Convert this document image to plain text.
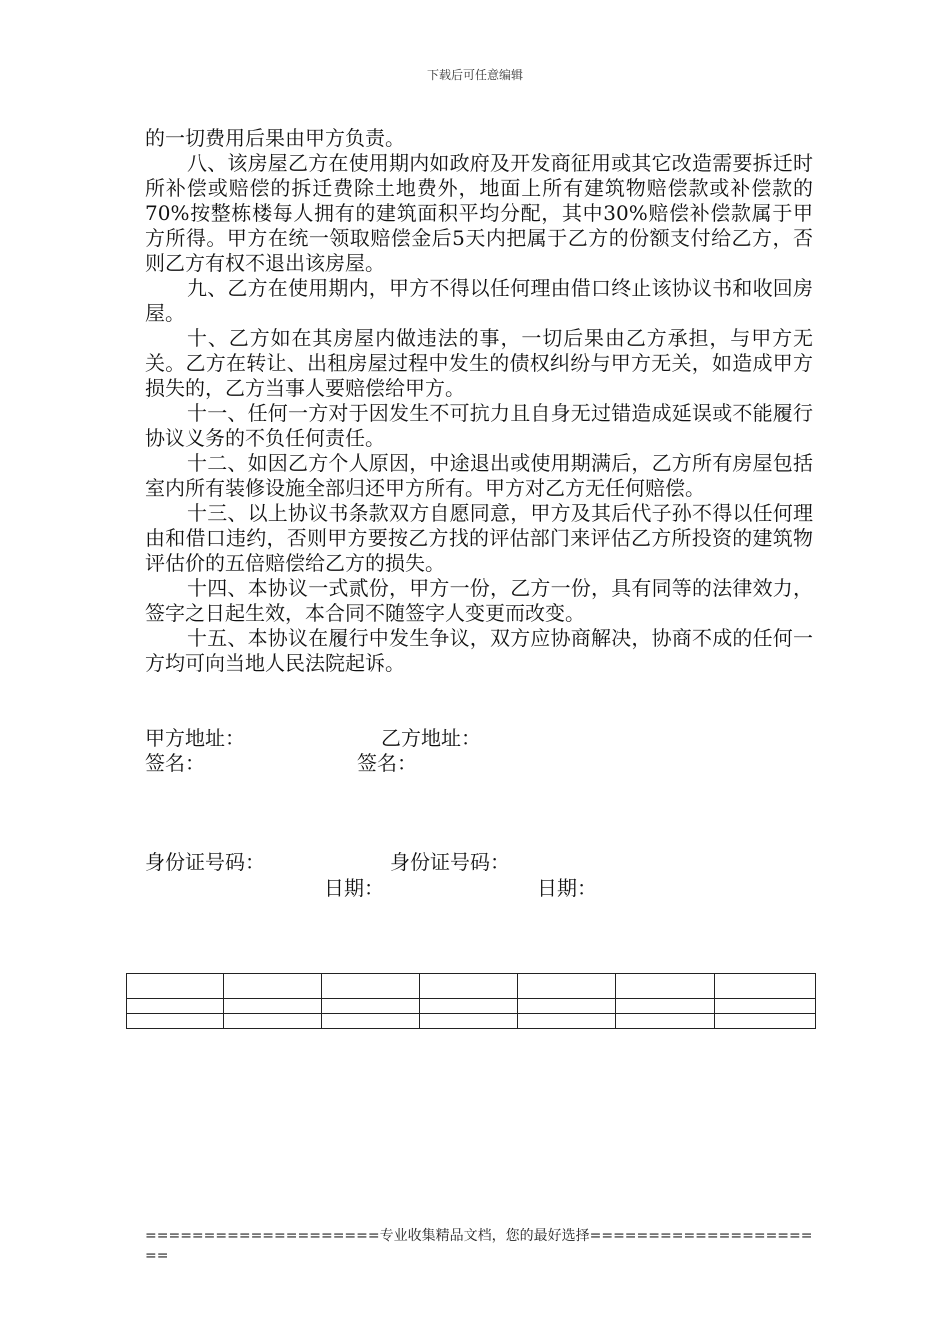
下载后可任意编辑

的一切费用后果由甲方负责。

八、该房屋乙方在使用期内如政府及开发商征用或其它改造需要拆迁时所补偿或赔偿的拆迁费除土地费外，地面上所有建筑物赔偿款或补偿款的70%按整栋楼每人拥有的建筑面积平均分配，其中30%赔偿补偿款属于甲方所得。甲方在统一领取赔偿金后5天内把属于乙方的份额支付给乙方，否则乙方有权不退出该房屋。

九、乙方在使用期内，甲方不得以任何理由借口终止该协议书和收回房屋。

十、乙方如在其房屋内做违法的事，一切后果由乙方承担，与甲方无关。乙方在转让、出租房屋过程中发生的债权纠纷与甲方无关，如造成甲方损失的，乙方当事人要赔偿给甲方。

十一、任何一方对于因发生不可抗力且自身无过错造成延误或不能履行协议义务的不负任何责任。

十二、如因乙方个人原因，中途退出或使用期满后，乙方所有房屋包括室内所有装修设施全部归还甲方所有。甲方对乙方无任何赔偿。

十三、以上协议书条款双方自愿同意，甲方及其后代子孙不得以任何理由和借口违约，否则甲方要按乙方找的评估部门来评估乙方所投资的建筑物评估价的五倍赔偿给乙方的损失。

十四、本协议一式贰份，甲方一份，乙方一份，具有同等的法律效力，签字之日起生效，本合同不随签字人变更而改变。

十五、本协议在履行中发生争议，双方应协商解决，协商不成的任何一方均可向当地人民法院起诉。

甲方地址：	乙方地址：
签名：	签名：
身份证号码：	身份证号码：
日期：	日期：

====================专业收集精品文档，您的最好选择=====================
